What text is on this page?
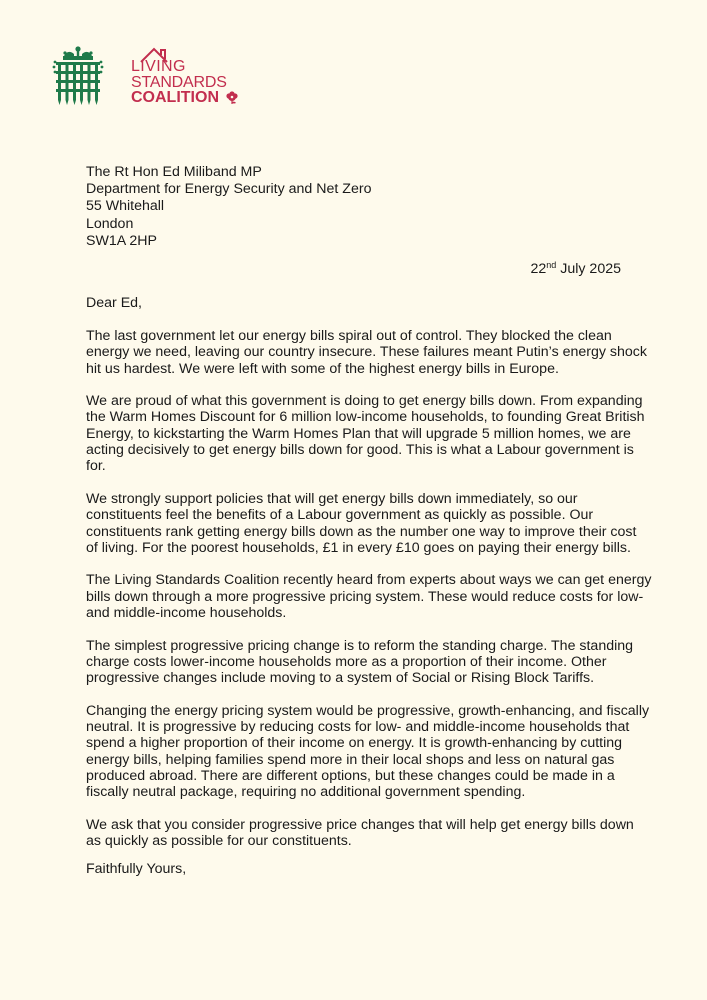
LIVING
STANDARDS
COALITION
The Rt Hon Ed Miliband MP
Department for Energy Security and Net Zero
55 Whitehall
London
SW1A 2HP
22nd July 2025
Dear Ed,

The last government let our energy bills spiral out of control. They blocked the clean
energy we need, leaving our country insecure. These failures meant Putin’s energy shock
hit us hardest. We were left with some of the highest energy bills in Europe.

We are proud of what this government is doing to get energy bills down. From expanding
the Warm Homes Discount for 6 million low-income households, to founding Great British
Energy, to kickstarting the Warm Homes Plan that will upgrade 5 million homes, we are
acting decisively to get energy bills down for good. This is what a Labour government is
for.

We strongly support policies that will get energy bills down immediately, so our
constituents feel the benefits of a Labour government as quickly as possible. Our
constituents rank getting energy bills down as the number one way to improve their cost
of living. For the poorest households, £1 in every £10 goes on paying their energy bills.

The Living Standards Coalition recently heard from experts about ways we can get energy
bills down through a more progressive pricing system. These would reduce costs for low-
and middle-income households.

The simplest progressive pricing change is to reform the standing charge. The standing
charge costs lower-income households more as a proportion of their income. Other
progressive changes include moving to a system of Social or Rising Block Tariffs.

Changing the energy pricing system would be progressive, growth-enhancing, and fiscally
neutral. It is progressive by reducing costs for low- and middle-income households that
spend a higher proportion of their income on energy. It is growth-enhancing by cutting
energy bills, helping families spend more in their local shops and less on natural gas
produced abroad. There are different options, but these changes could be made in a
fiscally neutral package, requiring no additional government spending.

We ask that you consider progressive price changes that will help get energy bills down
as quickly as possible for our constituents.

Faithfully Yours,
